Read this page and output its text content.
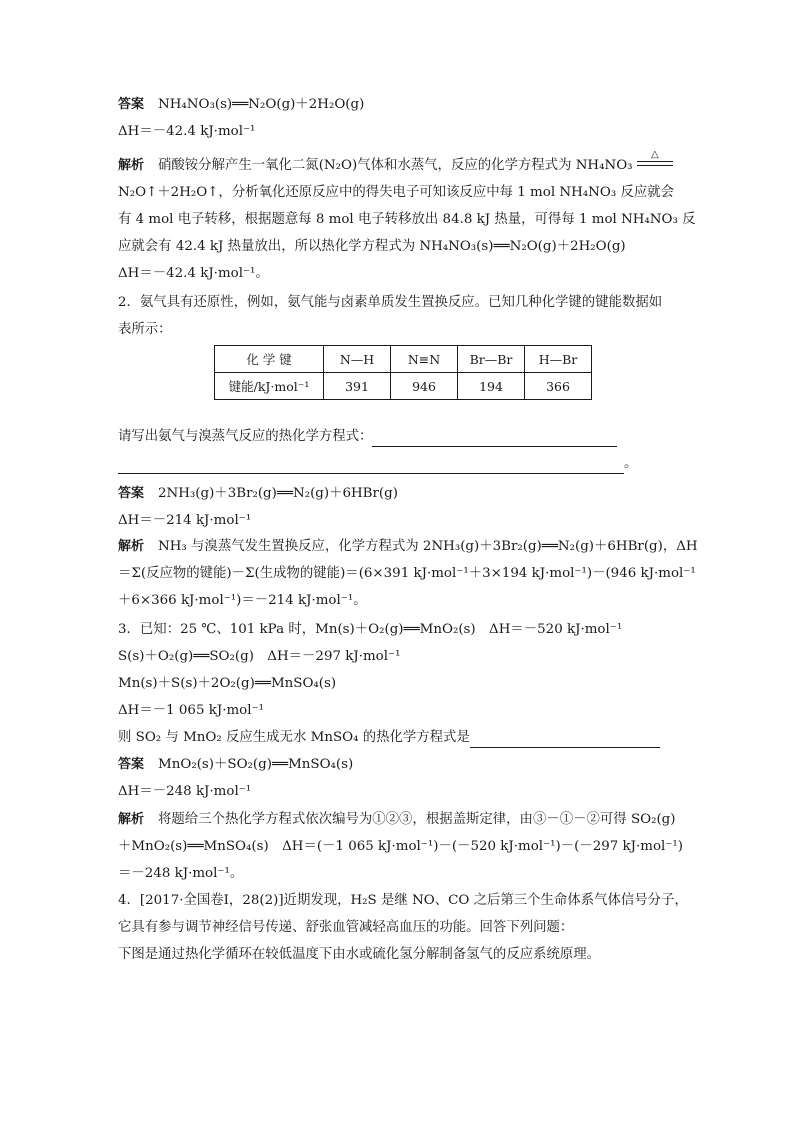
答案 NH₄NO₃(s)══N₂O(g)＋2H₂O(g)
ΔH＝－42.4 kJ·mol⁻¹
解析 硝酸铵分解产生一氧化二氮(N₂O)气体和水蒸气，反应的化学方程式为 NH₄NO₃
△
N₂O↑＋2H₂O↑，分析氧化还原反应中的得失电子可知该反应中每 1 mol NH₄NO₃ 反应就会
有 4 mol 电子转移，根据题意每 8 mol 电子转移放出 84.8 kJ 热量，可得每 1 mol NH₄NO₃ 反
应就会有 42.4 kJ 热量放出，所以热化学方程式为 NH₄NO₃(s)══N₂O(g)＋2H₂O(g)
ΔH＝－42.4 kJ·mol⁻¹。
2．氨气具有还原性，例如，氨气能与卤素单质发生置换反应。已知几种化学键的键能数据如
表所示：
化 学 键	N—H	N≡N	Br—Br	H—Br
键能/kJ·mol⁻¹	391	946	194	366
请写出氨气与溴蒸气反应的热化学方程式：
。
答案 2NH₃(g)＋3Br₂(g)══N₂(g)＋6HBr(g)
ΔH＝－214 kJ·mol⁻¹
解析 NH₃ 与溴蒸气发生置换反应，化学方程式为 2NH₃(g)＋3Br₂(g)══N₂(g)＋6HBr(g)，ΔH
＝Σ(反应物的键能)－Σ(生成物的键能)＝(6×391 kJ·mol⁻¹＋3×194 kJ·mol⁻¹)－(946 kJ·mol⁻¹
＋6×366 kJ·mol⁻¹)＝－214 kJ·mol⁻¹。
3．已知：25 ℃、101 kPa 时，Mn(s)＋O₂(g)══MnO₂(s)　ΔH＝－520 kJ·mol⁻¹
S(s)＋O₂(g)══SO₂(g)　ΔH＝－297 kJ·mol⁻¹
Mn(s)＋S(s)＋2O₂(g)══MnSO₄(s)
ΔH＝－1 065 kJ·mol⁻¹
则 SO₂ 与 MnO₂ 反应生成无水 MnSO₄ 的热化学方程式是
答案 MnO₂(s)＋SO₂(g)══MnSO₄(s)
ΔH＝－248 kJ·mol⁻¹
解析 将题给三个热化学方程式依次编号为①②③，根据盖斯定律，由③－①－②可得 SO₂(g)
＋MnO₂(s)══MnSO₄(s)　ΔH＝(－1 065 kJ·mol⁻¹)－(－520 kJ·mol⁻¹)－(－297 kJ·mol⁻¹)
＝－248 kJ·mol⁻¹。
4．[2017·全国卷Ⅰ，28(2)]近期发现，H₂S 是继 NO、CO 之后第三个生命体系气体信号分子，
它具有参与调节神经信号传递、舒张血管减轻高血压的功能。回答下列问题：
下图是通过热化学循环在较低温度下由水或硫化氢分解制备氢气的反应系统原理。
